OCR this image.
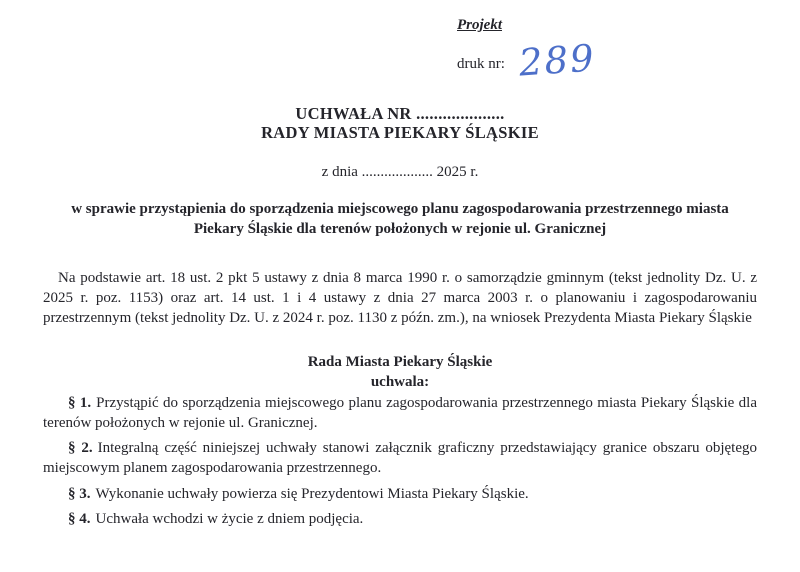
Projekt
druk nr: 289
UCHWAŁA NR ....................
RADY MIASTA PIEKARY ŚLĄSKIE
z dnia ................... 2025 r.
w sprawie przystąpienia do sporządzenia miejscowego planu zagospodarowania przestrzennego miasta Piekary Śląskie dla terenów położonych w rejonie ul. Granicznej

Na podstawie art. 18 ust. 2 pkt 5 ustawy z dnia 8 marca 1990 r. o samorządzie gminnym (tekst jednolity Dz. U. z 2025 r. poz. 1153) oraz art. 14 ust. 1 i 4 ustawy z dnia 27 marca 2003 r. o planowaniu i zagospodarowaniu przestrzennym (tekst jednolity Dz. U. z 2024 r. poz. 1130 z późn. zm.), na wniosek Prezydenta Miasta Piekary Śląskie

Rada Miasta Piekary Śląskie
uchwala:

§ 1. Przystąpić do sporządzenia miejscowego planu zagospodarowania przestrzennego miasta Piekary Śląskie dla terenów położonych w rejonie ul. Granicznej.

§ 2. Integralną część niniejszej uchwały stanowi załącznik graficzny przedstawiający granice obszaru objętego miejscowym planem zagospodarowania przestrzennego.

§ 3. Wykonanie uchwały powierza się Prezydentowi Miasta Piekary Śląskie.

§ 4. Uchwała wchodzi w życie z dniem podjęcia.
